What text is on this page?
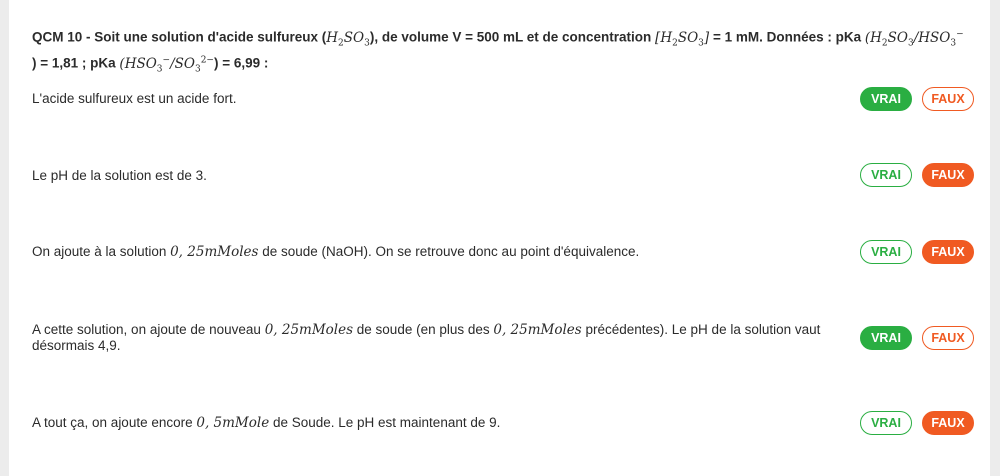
QCM 10 - Soit une solution d'acide sulfureux $(H_2SO_3)$, de volume V = 500 mL et de concentration $[H_2SO_3] = 1$ mM. Données : pKa ($H_2SO_3/HSO_3^-$
) = 1,81 ; pKa $(HSO_3^-/SO_3^{2-}) = 6,99$ :
L'acide sulfureux est un acide fort.	VRAI	FAUX
Le pH de la solution est de 3.	VRAI	FAUX
On ajoute à la solution 0, 25mMoles de soude (NaOH). On se retrouve donc au point d'équivalence.	VRAI	FAUX
A cette solution, on ajoute de nouveau 0, 25mMoles de soude (en plus des 0, 25mMoles précédentes). Le pH de la solution vaut désormais 4,9.	VRAI	FAUX
A tout ça, on ajoute encore 0, 5mMole de Soude. Le pH est maintenant de 9.	VRAI	FAUX
